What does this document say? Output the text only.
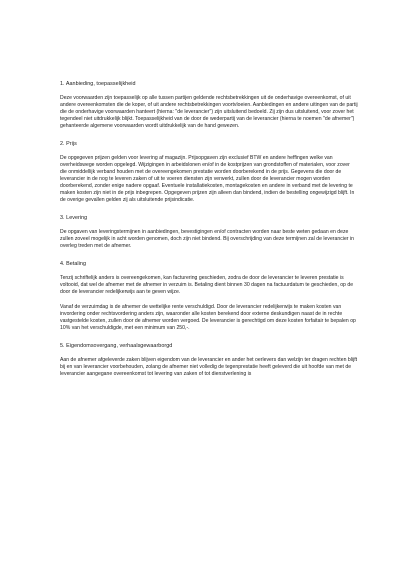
1. Aanbieding, toepasselijkheid
Deze voorwaarden zijn toepasselijk op alle tussen partijen geldende rechtsbetrekkingen uit de onderhavige overeenkomst, of uit andere overeenkomsten die de koper, of uit andere rechtsbetrekkingen voortvloeien. Aanbiedingen en andere uitingen van de partij die de onderhavige voorwaarden hanteert (hierna: "de leverancier") zijn uitsluitend bedoeld. Zij zijn dus uitsluitend, voor zover het tegendeel niet uitdrukkelijk blijkt. Toepasselijkheid van de door de wederpartij van de leverancier (hierna te noemen "de afnemer") gehanteerde algemene voorwaarden wordt uitdrukkelijk van de hand gewezen.
2. Prijs
De opgegeven prijzen gelden voor levering af magazijn. Prijsopgaven zijn exclusief BTW en andere heffingen welke van overheidswege worden opgelegd. Wijzigingen in arbeidslonen en/of in de kostprijzen van grondstoffen of materialen, voor zover die onmiddellijk verband houden met de overeengekomen prestatie worden doorberekend in de prijs. Gegevens die door de leverancier in de nog te leveren zaken of uit te voeren diensten zijn verwerkt, zullen door de leverancier mogen worden doorberekend, zonder enige nadere opgaaf. Eventuele installatiekosten, montagekosten en andere in verband met de levering te maken kosten zijn niet in de prijs inbegrepen. Opgegeven prijzen zijn alleen dan bindend, indien de bestelling ongewijzigd blijft. In de overige gevallen gelden zij als uitsluitende prijsindicatie.
3. Levering
De opgaven van leveringstermijnen in aanbiedingen, bevestigingen en/of contracten worden naar beste weten gedaan en deze zullen zoveel mogelijk in acht worden genomen, doch zijn niet bindend. Bij overschrijding van deze termijnen zal de leverancier in overleg treden met de afnemer.
4. Betaling
Tenzij schriftelijk anders is overeengekomen, kan facturering geschieden, zodra de door de leverancier te leveren prestatie is voltooid, dat wel de afnemer met de afnemer in verzuim is. Betaling dient binnen 30 dagen na factuurdatum te geschieden, op de door de leverancier redelijkerwijs aan te geven wijze.
Vanaf de verzuimdag is de afnemer de wettelijke rente verschuldigd. Door de leverancier redelijkerwijs te maken kosten van invordering onder rechtsvordering anders zijn, waaronder alle kosten berekend door externe deskundigen naast de in rechte vastgestelde kosten, zullen door de afnemer worden vergoed. De leverancier is gerechtigd om deze kosten forfaitair te bepalen op 10% van het verschuldigde, met een minimum van 250,-.
5. Eigendomsovergang, verhaalsgewaarborgd
Aan de afnemer afgeleverde zaken blijven eigendom van de leverancier en ander het oerlevers dan welzijn ter dragen rechten blijft bij en van leverancier voorbehouden, zolang de afnemer niet volledig de tegenprestatie heeft geleverd die uit hoofde van met de leverancier aangegane overeenkomst tot levering van zaken of tot dienstverlening is
